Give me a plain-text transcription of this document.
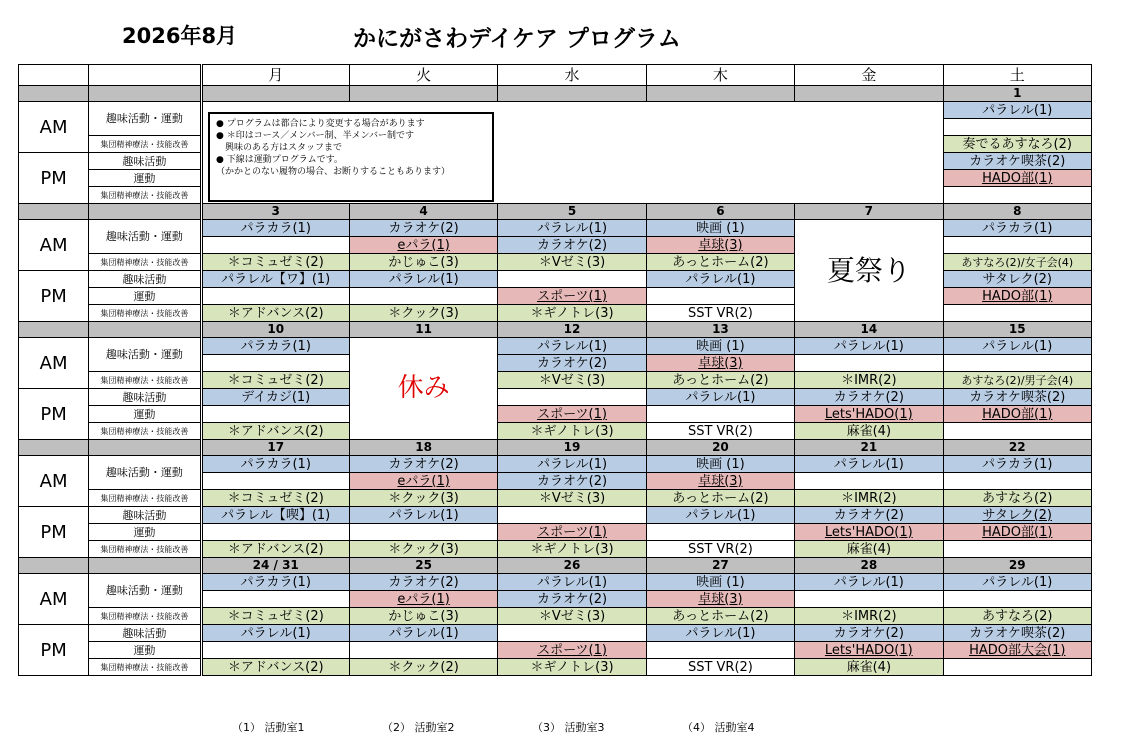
2026年8月	かにがさわデイケア プログラム
		月	火	水	木	金	土
							1
AM	趣味活動・運動						パラレル(1)

	集団精神療法・技能改善						奏でるあすなろ(2)
PM	趣味活動						カラオケ喫茶(2)
	運動						HADO部(1)
	集団精神療法・技能改善						
		3	4	5	6	7	8
AM	趣味活動・運動	パラカラ(1)	カラオケ(2)	パラレル(1)	映画 (1)	夏祭り	パラカラ(1)
			eパラ(1)	カラオケ(2)	卓球(3)		
	集団精神療法・技能改善	＊コミュゼミ(2)	かじゅこ(3)	＊Vゼミ(3)	あっとホーム(2)		あすなろ(2)/女子会(4)
PM	趣味活動	パラレル【ワ】(1)	パラレル(1)		パラレル(1)		サタレク(2)
	運動			スポーツ(1)			HADO部(1)
	集団精神療法・技能改善	＊アドバンス(2)	＊クック(3)	＊ギノトレ(3)	SST VR(2)		
		10	11	12	13	14	15
AM	趣味活動・運動	パラカラ(1)	休み	パラレル(1)	映画 (1)	パラレル(1)	パラレル(1)
				カラオケ(2)	卓球(3)		
	集団精神療法・技能改善	＊コミュゼミ(2)		＊Vゼミ(3)	あっとホーム(2)	＊IMR(2)	あすなろ(2)/男子会(4)
PM	趣味活動	デイカジ(1)			パラレル(1)	カラオケ(2)	カラオケ喫茶(2)
	運動			スポーツ(1)		Lets'HADO(1)	HADO部(1)
	集団精神療法・技能改善	＊アドバンス(2)		＊ギノトレ(3)	SST VR(2)	麻雀(4)	
		17	18	19	20	21	22
AM	趣味活動・運動	パラカラ(1)	カラオケ(2)	パラレル(1)	映画 (1)	パラレル(1)	パラカラ(1)
			eパラ(1)	カラオケ(2)	卓球(3)		
	集団精神療法・技能改善	＊コミュゼミ(2)	＊クック(3)	＊Vゼミ(3)	あっとホーム(2)	＊IMR(2)	あすなろ(2)
PM	趣味活動	パラレル【喫】(1)	パラレル(1)		パラレル(1)	カラオケ(2)	サタレク(2)
	運動			スポーツ(1)		Lets'HADO(1)	HADO部(1)
	集団精神療法・技能改善	＊アドバンス(2)	＊クック(3)	＊ギノトレ(3)	SST VR(2)	麻雀(4)	
		24 / 31	25	26	27	28	29
AM	趣味活動・運動	パラカラ(1)	カラオケ(2)	パラレル(1)	映画 (1)	パラレル(1)	パラレル(1)
			eパラ(1)	カラオケ(2)	卓球(3)		
	集団精神療法・技能改善	＊コミュゼミ(2)	かじゅこ(3)	＊Vゼミ(3)	あっとホーム(2)	＊IMR(2)	あすなろ(2)
PM	趣味活動	パラレル(1)	パラレル(1)		パラレル(1)	カラオケ(2)	カラオケ喫茶(2)
	運動			スポーツ(1)		Lets'HADO(1)	HADO部大会(1)
	集団精神療法・技能改善	＊アドバンス(2)	＊クック(2)	＊ギノトレ(3)	SST VR(2)	麻雀(4)	
● プログラムは都合により変更する場合があります
● ＊印はコース／メンバー制、半メンバー制です
　興味のある方はスタッフまで
● 下線は運動プログラムです。
（かかとのない履物の場合、お断りすることもあります）
（1） 活動室1	（2） 活動室2	（3） 活動室3	（4） 活動室4
